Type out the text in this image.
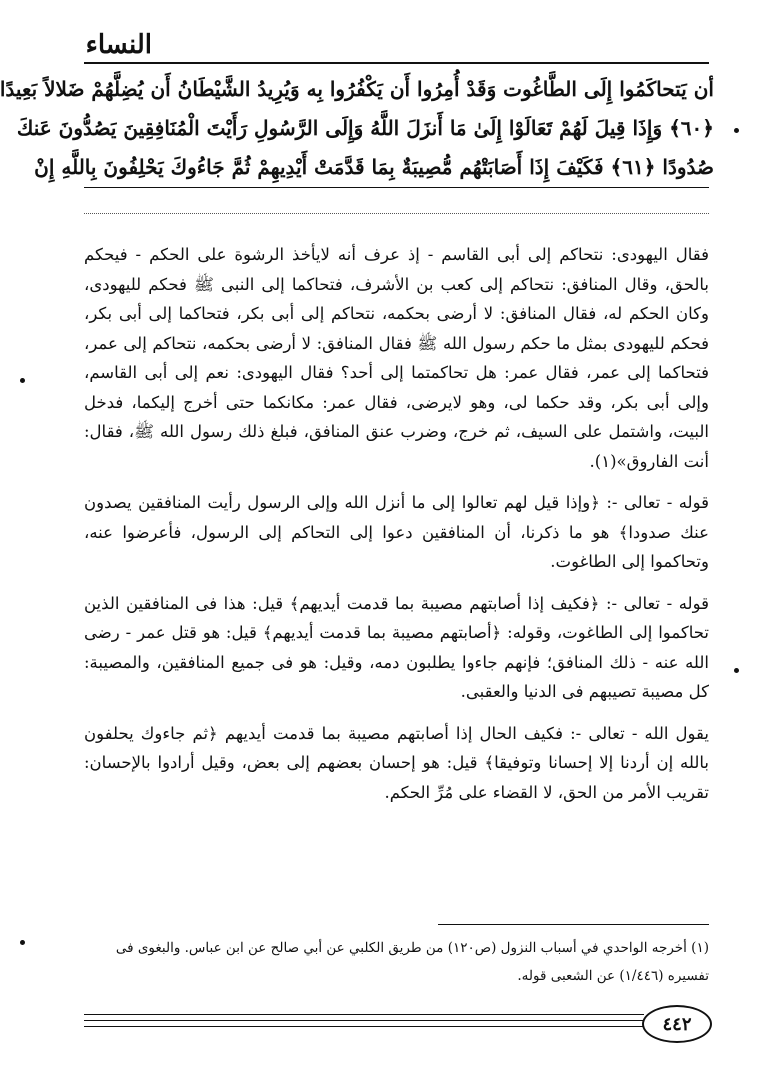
النساء
أن يَتحاكَمُوا إِلَى الطَّاغُوت وَقَدْ أُمِرُوا أَن يَكْفُرُوا بِه وَيُرِيدُ الشَّيْطَانُ أَن يُضِلَّهُمْ ضَلالاً بَعِيدًا
﴿٦٠﴾ وَإِذَا قِيلَ لَهُمْ تَعَالَوْا إِلَىٰ مَا أَنزَلَ اللَّهُ وَإِلَى الرَّسُولِ رَأَيْتَ الْمُنَافِقِينَ يَصُدُّونَ عَنكَ
صُدُودًا ﴿٦١﴾ فَكَيْفَ إِذَا أَصَابَتْهُم مُّصِيبَةٌ بِمَا قَدَّمَتْ أَيْدِيهِمْ ثُمَّ جَاءُوكَ يَحْلِفُونَ بِاللَّهِ إِنْ

فقال اليهودى: نتحاكم إلى أبى القاسم - إذ عرف أنه لايأخذ الرشوة على الحكم - فيحكم بالحق، وقال المنافق: نتحاكم إلى كعب بن الأشرف، فتحاكما إلى النبى ﷺ فحكم لليهودى، وكان الحكم له، فقال المنافق: لا أرضى بحكمه، نتحاكم إلى أبى بكر، فتحاكما إلى أبى بكر، فحكم لليهودى بمثل ما حكم رسول الله ﷺ فقال المنافق: لا أرضى بحكمه، نتحاكم إلى عمر، فتحاكما إلى عمر، فقال عمر: هل تحاكمتما إلى أحد؟ فقال اليهودى: نعم إلى أبى القاسم، وإلى أبى بكر، وقد حكما لى، وهو لايرضى، فقال عمر: مكانكما حتى أخرج إليكما، فدخل البيت، واشتمل على السيف، ثم خرج، وضرب عنق المنافق، فبلغ ذلك رسول الله ﷺ، فقال: أنت الفاروق»(١).

قوله - تعالى -: ﴿وإذا قيل لهم تعالوا إلى ما أنزل الله وإلى الرسول رأيت المنافقين يصدون عنك صدودا﴾ هو ما ذكرنا، أن المنافقين دعوا إلى التحاكم إلى الرسول، فأعرضوا عنه، وتحاكموا إلى الطاغوت.

قوله - تعالى -: ﴿فكيف إذا أصابتهم مصيبة بما قدمت أيديهم﴾ قيل: هذا فى المنافقين الذين تحاكموا إلى الطاغوت، وقوله: ﴿أصابتهم مصيبة بما قدمت أيديهم﴾ قيل: هو قتل عمر - رضى الله عنه - ذلك المنافق؛ فإنهم جاءوا يطلبون دمه، وقيل: هو فى جميع المنافقين، والمصيبة: كل مصيبة تصيبهم فى الدنيا والعقبى.

يقول الله - تعالى -: فكيف الحال إذا أصابتهم مصيبة بما قدمت أيديهم ﴿ثم جاءوك يحلفون بالله إن أردنا إلا إحسانا وتوفيقا﴾ قيل: هو إحسان بعضهم إلى بعض، وقيل أرادوا بالإحسان: تقريب الأمر من الحق، لا القضاء على مُرِّ الحكم.

(١) أخرجه الواحدي في أسباب النزول (ص١٢٠) من طريق الكلبي عن أبي صالح عن ابن عباس. والبغوى فى
تفسيره (١/٤٤٦) عن الشعبى قوله.
٤٤٢
